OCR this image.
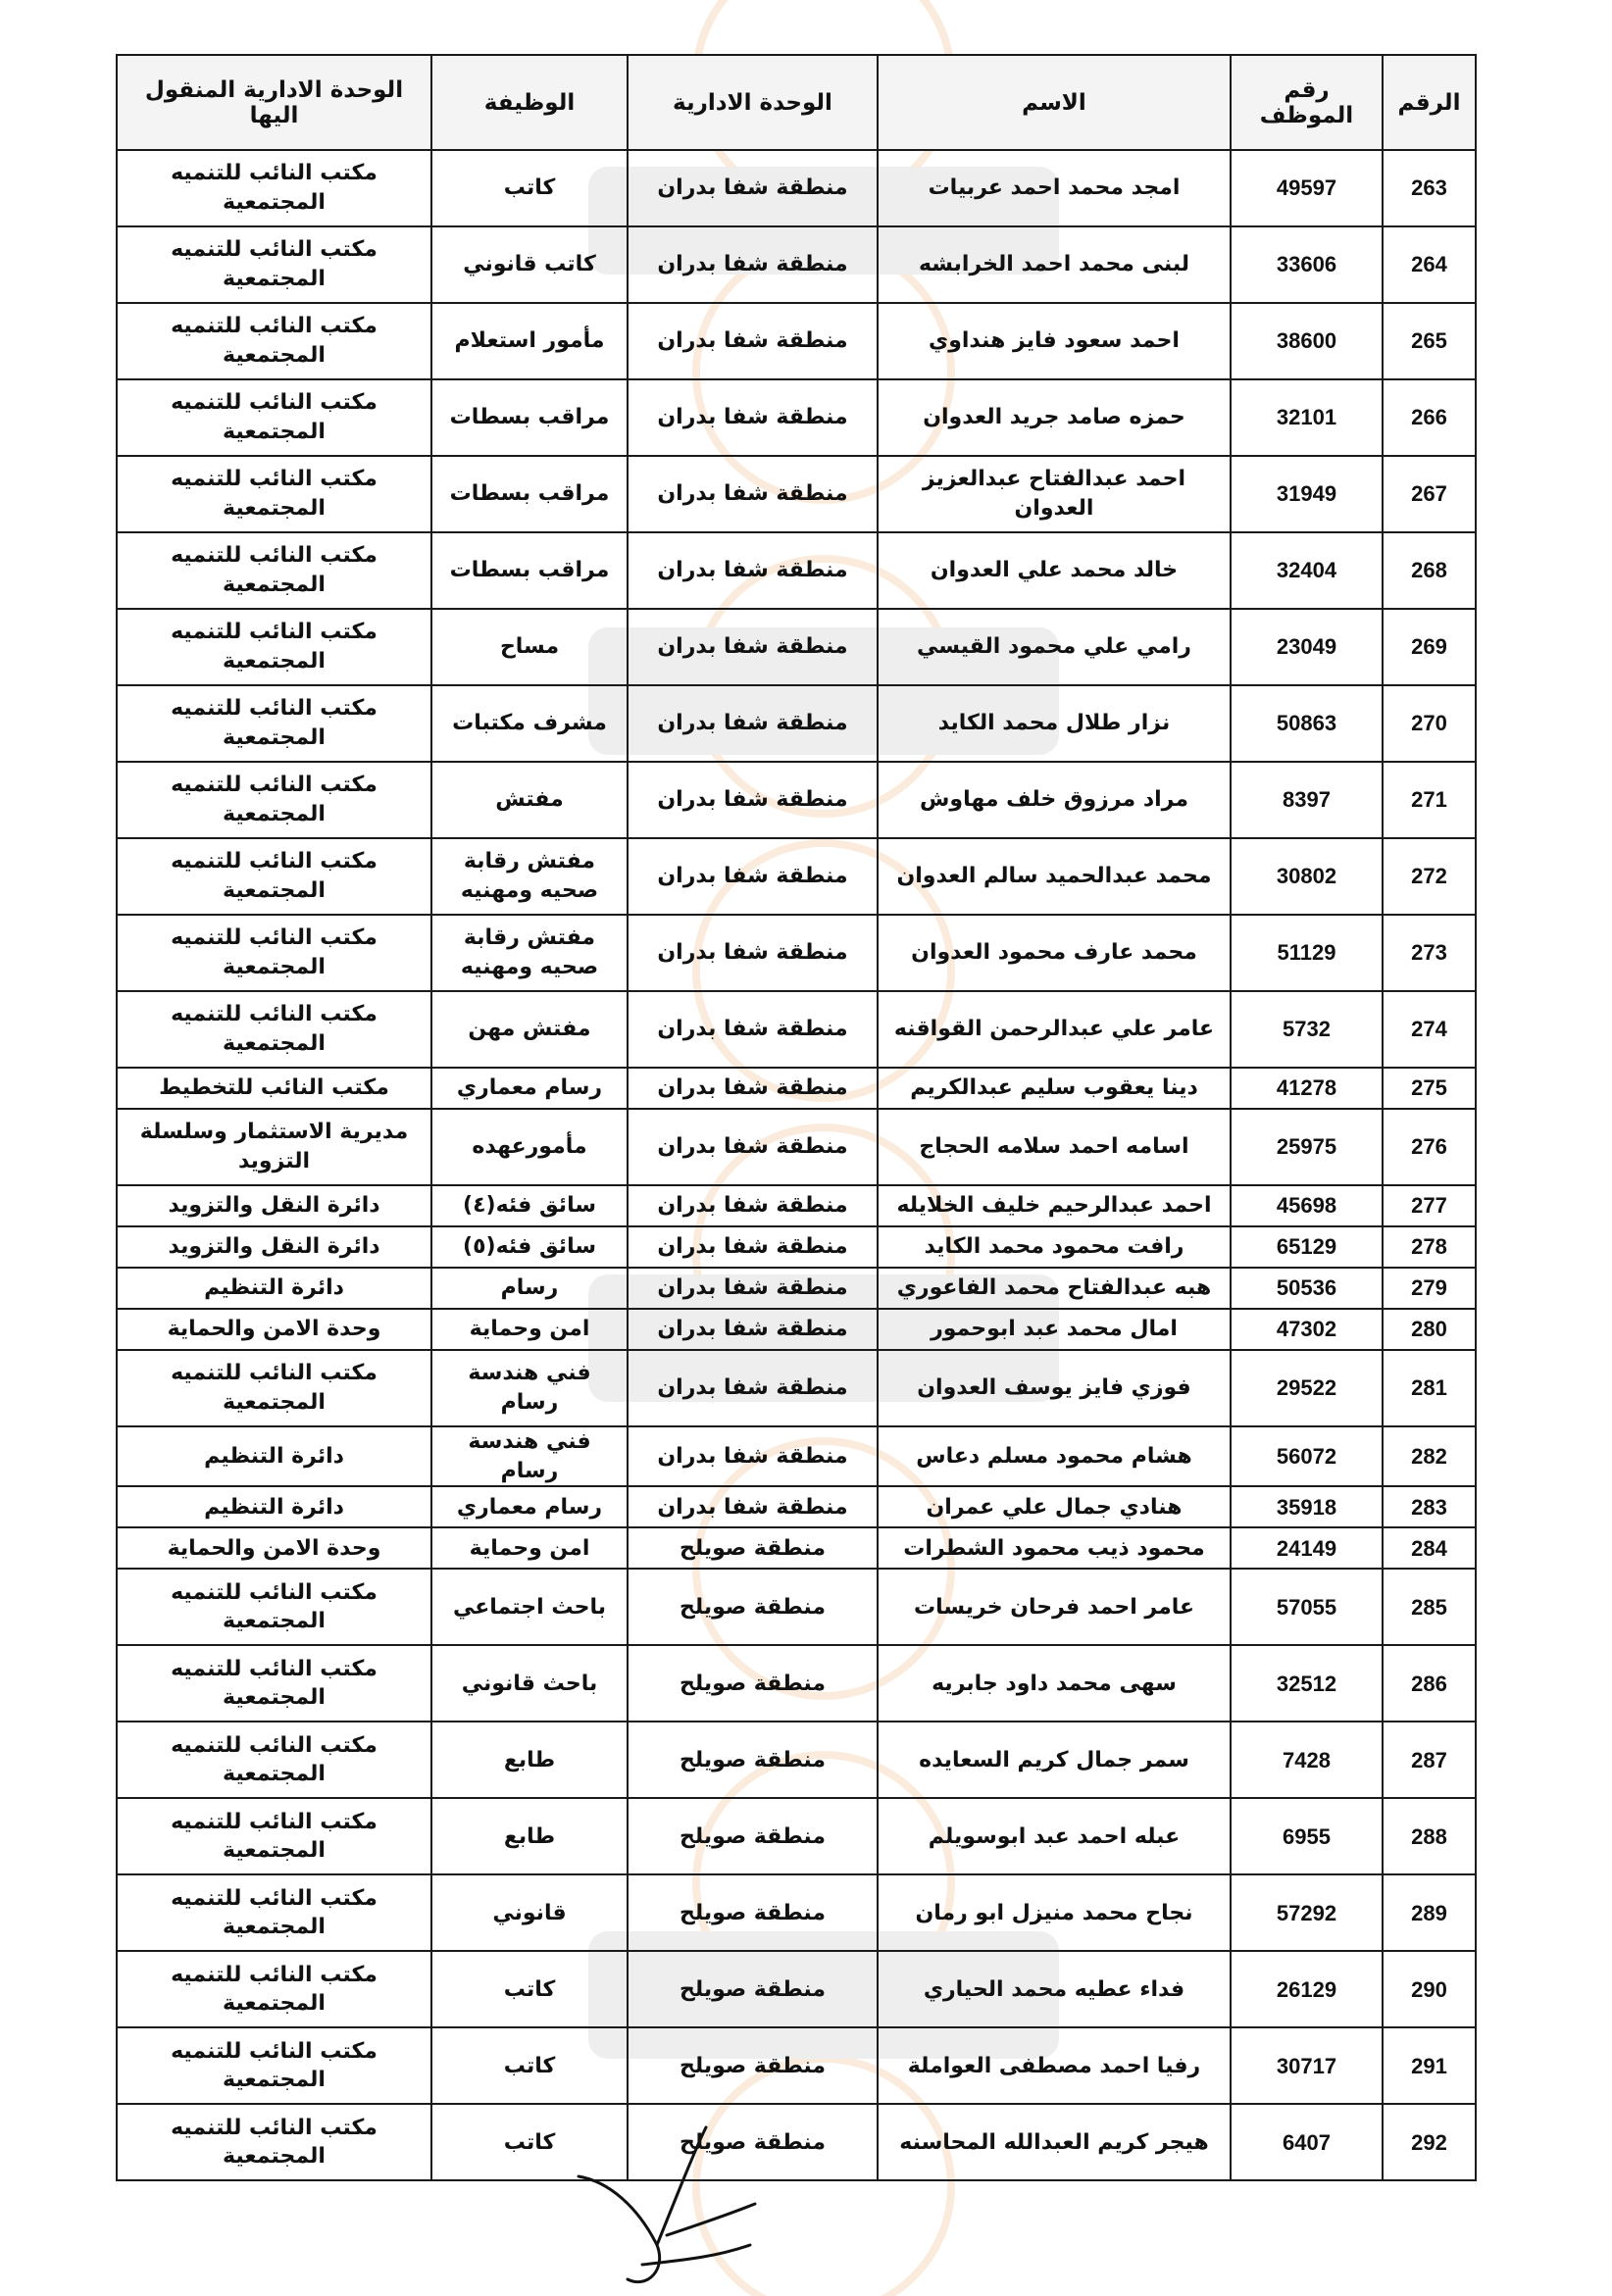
الرقم	رقم الموظف	الاسم	الوحدة الادارية	الوظيفة	الوحدة الادارية المنقول اليها
263	49597	امجد محمد احمد عربيات	منطقة شفا بدران	كاتب	مكتب النائب للتنميه المجتمعية
264	33606	لبنى محمد احمد الخرابشه	منطقة شفا بدران	كاتب قانوني	مكتب النائب للتنميه المجتمعية
265	38600	احمد سعود فايز هنداوي	منطقة شفا بدران	مأمور استعلام	مكتب النائب للتنميه المجتمعية
266	32101	حمزه صامد جريد العدوان	منطقة شفا بدران	مراقب بسطات	مكتب النائب للتنميه المجتمعية
267	31949	احمد عبدالفتاح عبدالعزيز العدوان	منطقة شفا بدران	مراقب بسطات	مكتب النائب للتنميه المجتمعية
268	32404	خالد محمد علي العدوان	منطقة شفا بدران	مراقب بسطات	مكتب النائب للتنميه المجتمعية
269	23049	رامي علي محمود القيسي	منطقة شفا بدران	مساح	مكتب النائب للتنميه المجتمعية
270	50863	نزار طلال محمد الكايد	منطقة شفا بدران	مشرف مكتبات	مكتب النائب للتنميه المجتمعية
271	8397	مراد مرزوق خلف مهاوش	منطقة شفا بدران	مفتش	مكتب النائب للتنميه المجتمعية
272	30802	محمد عبدالحميد سالم العدوان	منطقة شفا بدران	مفتش رقابة صحيه ومهنيه	مكتب النائب للتنميه المجتمعية
273	51129	محمد عارف محمود العدوان	منطقة شفا بدران	مفتش رقابة صحيه ومهنيه	مكتب النائب للتنميه المجتمعية
274	5732	عامر علي عبدالرحمن القواقنه	منطقة شفا بدران	مفتش مهن	مكتب النائب للتنميه المجتمعية
275	41278	دينا يعقوب سليم عبدالكريم	منطقة شفا بدران	رسام معماري	مكتب النائب للتخطيط
276	25975	اسامه احمد سلامه الحجاج	منطقة شفا بدران	مأمورعهده	مديرية الاستثمار وسلسلة التزويد
277	45698	احمد عبدالرحيم خليف الخلايله	منطقة شفا بدران	سائق فئه(٤)	دائرة النقل والتزويد
278	65129	رافت محمود محمد الكايد	منطقة شفا بدران	سائق فئه(٥)	دائرة النقل والتزويد
279	50536	هبه عبدالفتاح محمد الفاعوري	منطقة شفا بدران	رسام	دائرة التنظيم
280	47302	امال محمد عبد ابوحمور	منطقة شفا بدران	امن وحماية	وحدة الامن والحماية
281	29522	فوزي فايز يوسف العدوان	منطقة شفا بدران	فني هندسة رسام	مكتب النائب للتنميه المجتمعية
282	56072	هشام محمود مسلم دعاس	منطقة شفا بدران	فني هندسة رسام	دائرة التنظيم
283	35918	هنادي جمال علي عمران	منطقة شفا بدران	رسام معماري	دائرة التنظيم
284	24149	محمود ذيب محمود الشطرات	منطقة صويلح	امن وحماية	وحدة الامن والحماية
285	57055	عامر احمد فرحان خريسات	منطقة صويلح	باحث اجتماعي	مكتب النائب للتنميه المجتمعية
286	32512	سهى محمد داود جابريه	منطقة صويلح	باحث قانوني	مكتب النائب للتنميه المجتمعية
287	7428	سمر جمال كريم السعايده	منطقة صويلح	طابع	مكتب النائب للتنميه المجتمعية
288	6955	عبله احمد عبد ابوسويلم	منطقة صويلح	طابع	مكتب النائب للتنميه المجتمعية
289	57292	نجاح محمد منيزل ابو رمان	منطقة صويلح	قانوني	مكتب النائب للتنميه المجتمعية
290	26129	فداء عطيه محمد الحياري	منطقة صويلح	كاتب	مكتب النائب للتنميه المجتمعية
291	30717	رفيا احمد مصطفى العواملة	منطقة صويلح	كاتب	مكتب النائب للتنميه المجتمعية
292	6407	هيجر كريم العبدالله المحاسنه	منطقة صويلح	كاتب	مكتب النائب للتنميه المجتمعية
